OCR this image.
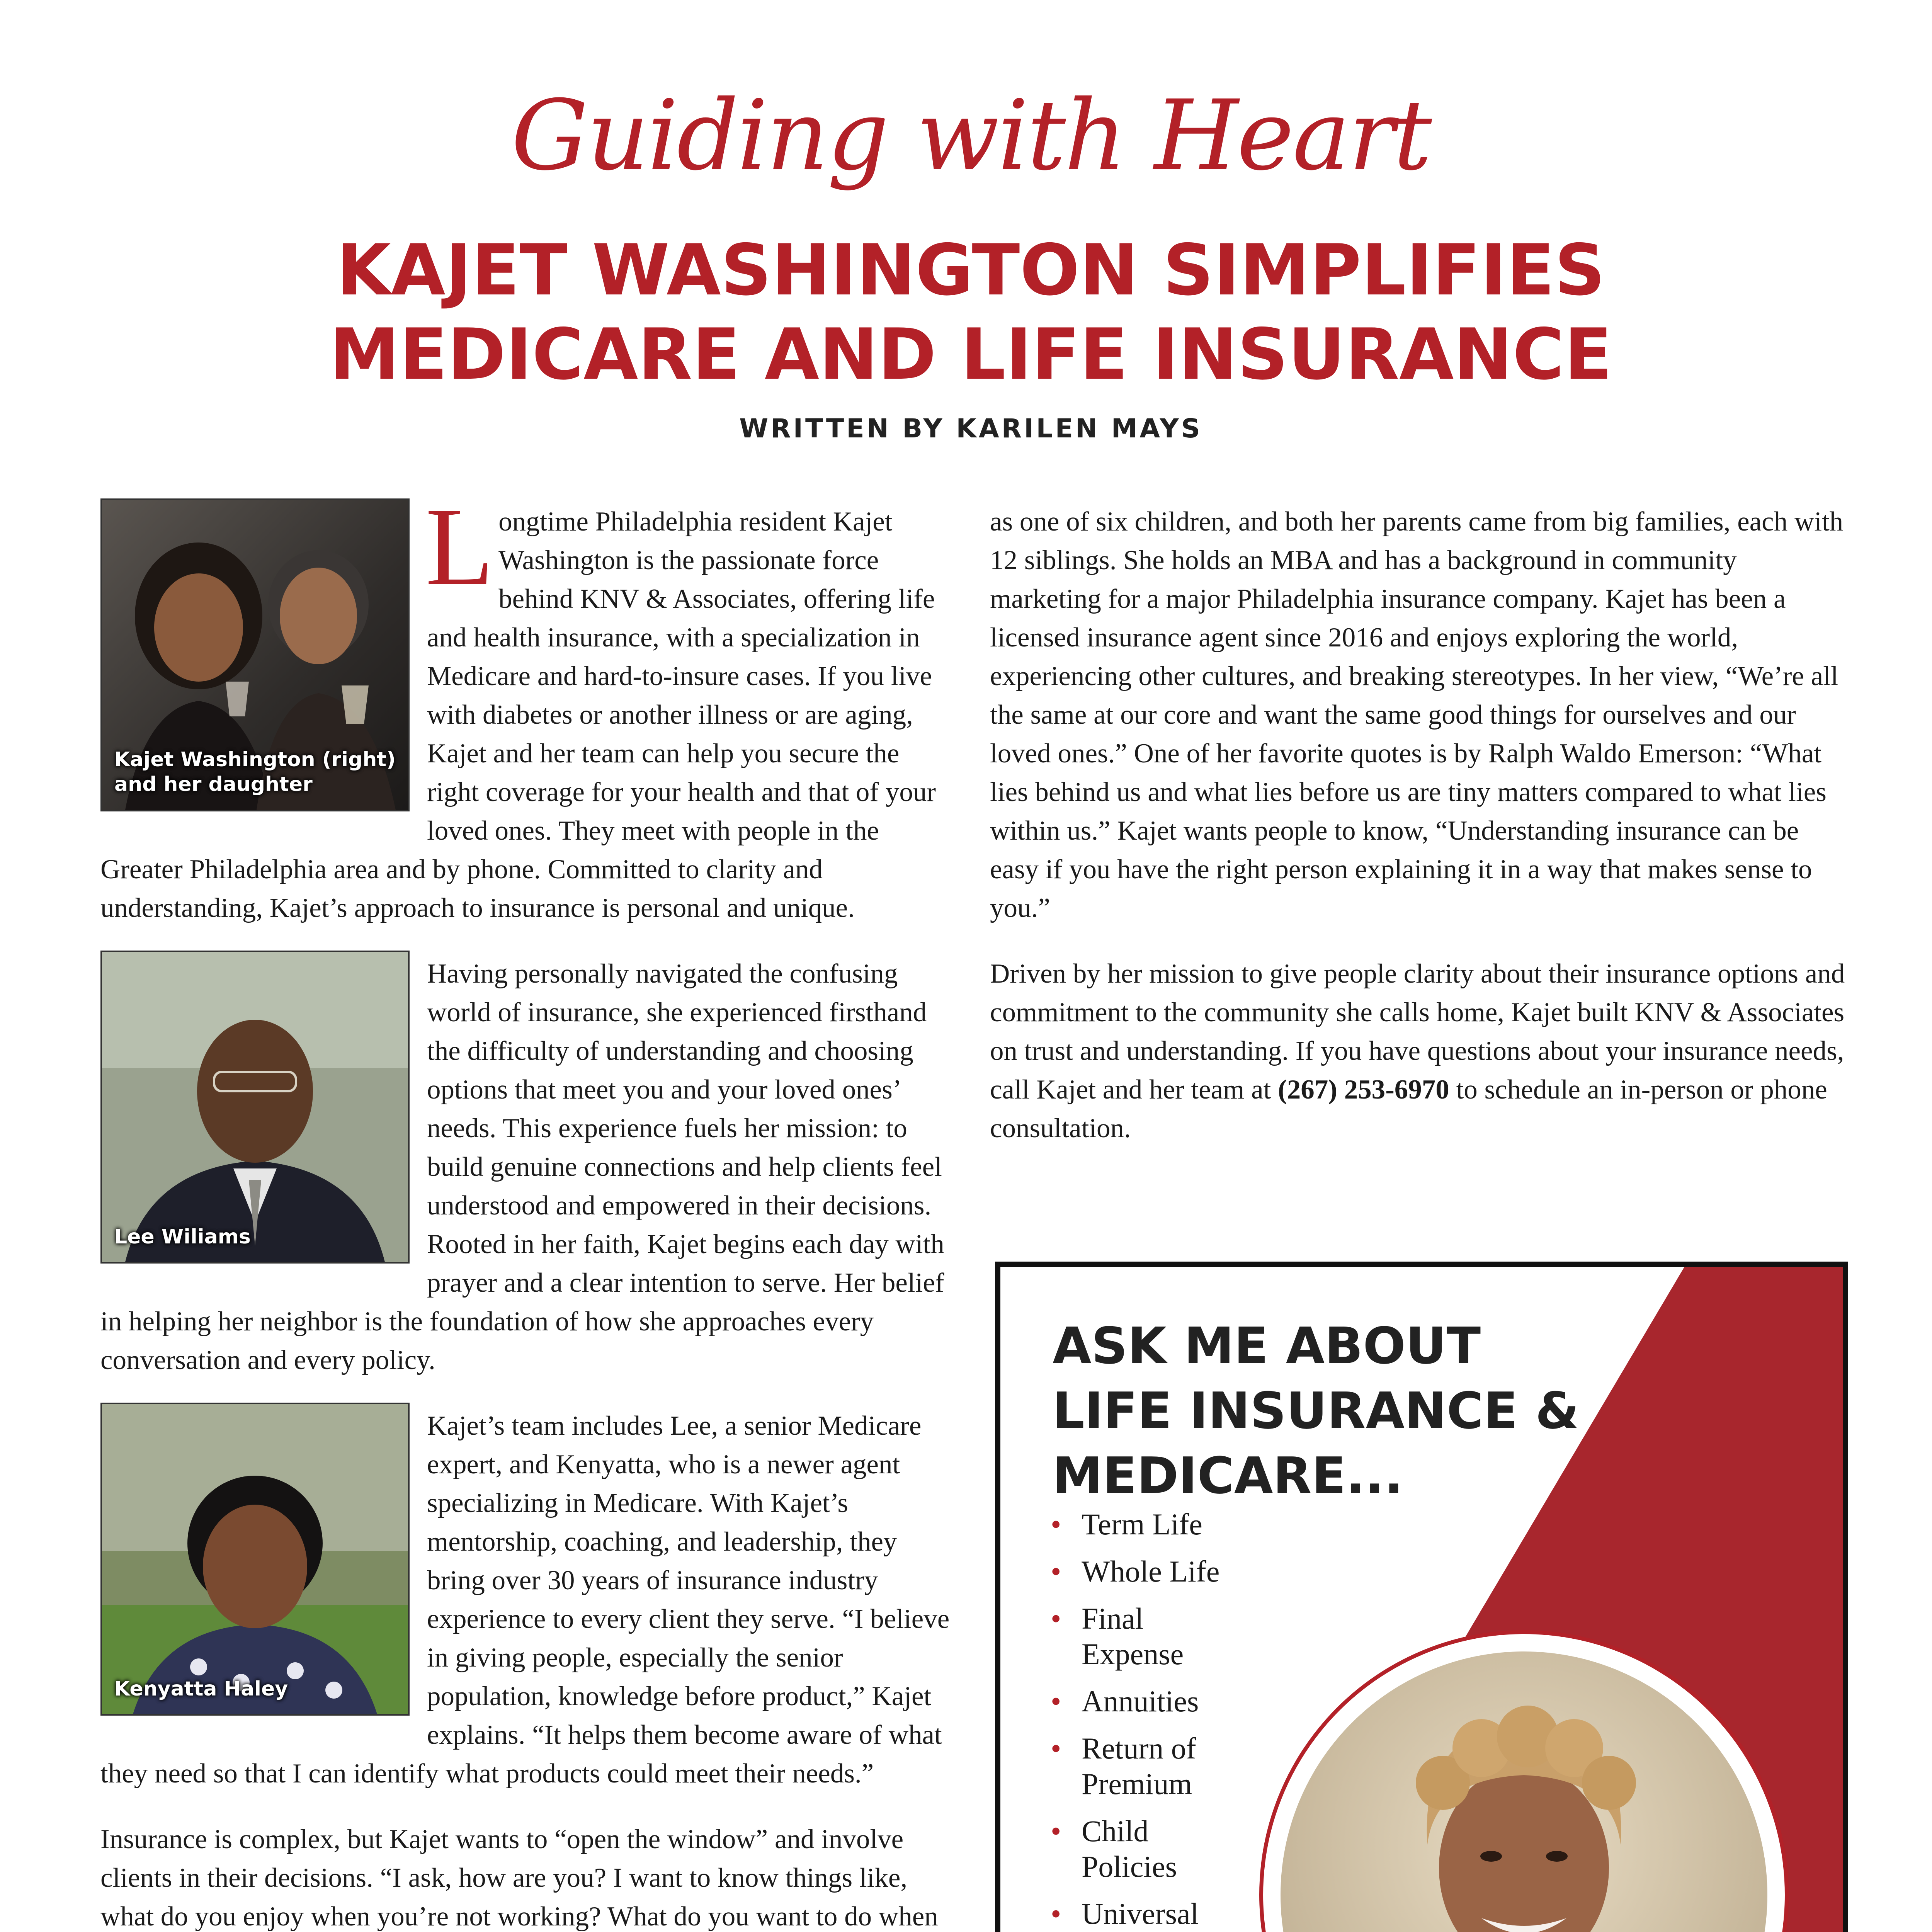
Guiding with Heart
KAJET WASHINGTON SIMPLIFIES
MEDICARE AND LIFE INSURANCE
WRITTEN BY KARILEN MAYS
Kajet Washington (right)
and her daughter

Longtime Philadelphia resident Kajet Washington is the passionate force behind KNV & Associates, offering life and health insurance, with a specialization in Medicare and hard-to-insure cases. If you live with diabetes or another illness or are aging, Kajet and her team can help you secure the right coverage for your health and that of your loved ones. They meet with people in the Greater Philadelphia area and by phone. Committed to clarity and understanding, Kajet’s approach to insurance is personal and unique.

Lee Wiliams

Having personally navigated the confusing world of insurance, she experienced firsthand the difficulty of understanding and choosing options that meet you and your loved ones’ needs. This experience fuels her mission: to build genuine connections and help clients feel understood and empowered in their decisions. Rooted in her faith, Kajet begins each day with prayer and a clear intention to serve. Her belief in helping her neighbor is the foundation of how she approaches every conversation and every policy.

Kenyatta Haley

Kajet’s team includes Lee, a senior Medicare expert, and Kenyatta, who is a newer agent specializing in Medicare. With Kajet’s mentorship, coaching, and leadership, they bring over 30 years of insurance industry experience to every client they serve. “I believe in giving people, especially the senior population, knowledge before product,” Kajet explains. “It helps them become aware of what they need so that I can identify what products could meet their needs.”

Insurance is complex, but Kajet wants to “open the window” and involve clients in their decisions. “I ask, how are you? I want to know things like, what do you enjoy when you’re not working? What do you want to do when

as one of six children, and both her parents came from big families, each with 12 siblings. She holds an MBA and has a background in community marketing for a major Philadelphia insurance company. Kajet has been a licensed insurance agent since 2016 and enjoys exploring the world, experiencing other cultures, and breaking stereotypes. In her view, “We’re all the same at our core and want the same good things for ourselves and our loved ones.” One of her favorite quotes is by Ralph Waldo Emerson: “What lies behind us and what lies before us are tiny matters compared to what lies within us.” Kajet wants people to know, “Understanding insurance can be easy if you have the right person explaining it in a way that makes sense to you.”

Driven by her mission to give people clarity about their insurance options and commitment to the community she calls home, Kajet built KNV & Associates on trust and understanding. If you have questions about your insurance needs, call Kajet and her team at (267) 253-6970 to schedule an in-person or phone consultation.

ASK ME ABOUT
LIFE INSURANCE &
MEDICARE...
• Term Life
• Whole Life
• Final
Expense
• Annuities
• Return of
Premium
• Child
Policies
• Universal
